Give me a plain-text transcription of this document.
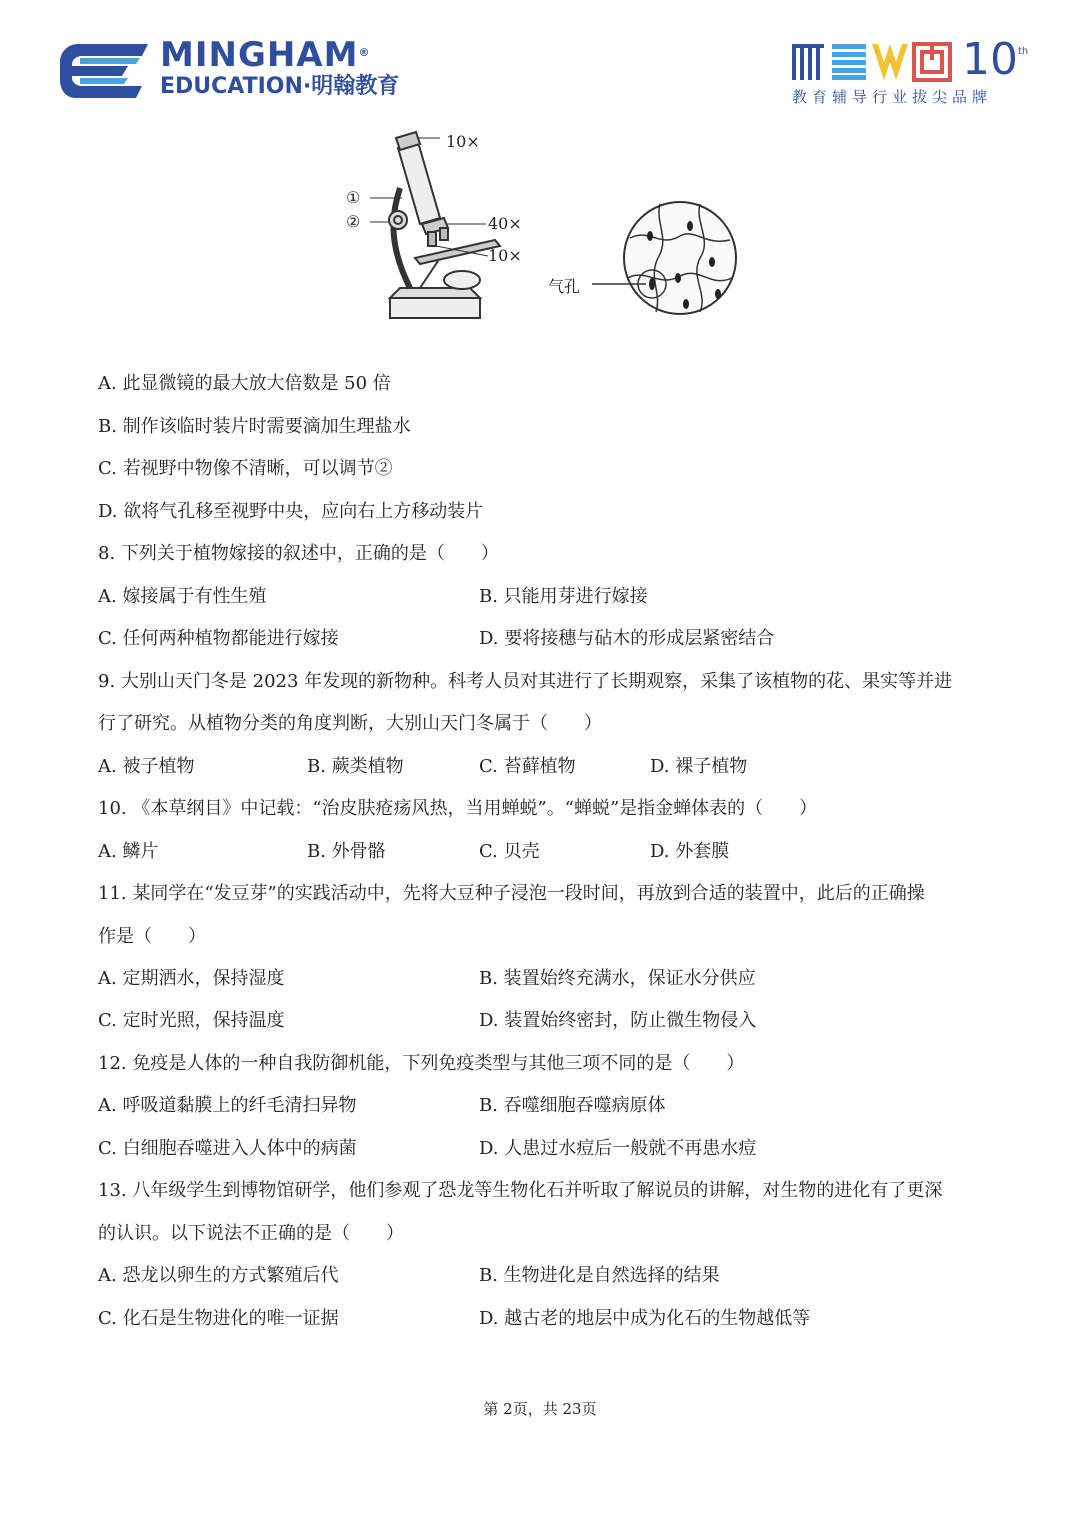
MINGHAM®
EDUCATION·明翰教育
10th
教育辅导行业拔尖品牌
10×
①
②	40×
10×
气孔
A. 此显微镜的最大放大倍数是 50 倍
B. 制作该临时装片时需要滴加生理盐水
C. 若视野中物像不清晰，可以调节②
D. 欲将气孔移至视野中央，应向右上方移动装片
8. 下列关于植物嫁接的叙述中，正确的是（　　）
A. 嫁接属于有性生殖	B. 只能用芽进行嫁接
C. 任何两种植物都能进行嫁接	D. 要将接穗与砧木的形成层紧密结合
9. 大别山天门冬是 2023 年发现的新物种。科考人员对其进行了长期观察，采集了该植物的花、果实等并进
行了研究。从植物分类的角度判断，大别山天门冬属于（　　）
A. 被子植物	B. 蕨类植物	C. 苔藓植物	D. 裸子植物
10. 《本草纲目》中记载：“治皮肤疮疡风热，当用蝉蜕”。“蝉蜕”是指金蝉体表的（　　）
A. 鳞片	B. 外骨骼	C. 贝壳	D. 外套膜
11. 某同学在“发豆芽”的实践活动中，先将大豆种子浸泡一段时间，再放到合适的装置中，此后的正确操
作是（　　）
A. 定期洒水，保持湿度	B. 装置始终充满水，保证水分供应
C. 定时光照，保持温度	D. 装置始终密封，防止微生物侵入
12. 免疫是人体的一种自我防御机能，下列免疫类型与其他三项不同的是（　　）
A. 呼吸道黏膜上的纤毛清扫异物	B. 吞噬细胞吞噬病原体
C. 白细胞吞噬进入人体中的病菌	D. 人患过水痘后一般就不再患水痘
13. 八年级学生到博物馆研学，他们参观了恐龙等生物化石并听取了解说员的讲解，对生物的进化有了更深
的认识。以下说法不正确的是（　　）
A. 恐龙以卵生的方式繁殖后代	B. 生物进化是自然选择的结果
C. 化石是生物进化的唯一证据	D. 越古老的地层中成为化石的生物越低等
第 2页，共 23页
